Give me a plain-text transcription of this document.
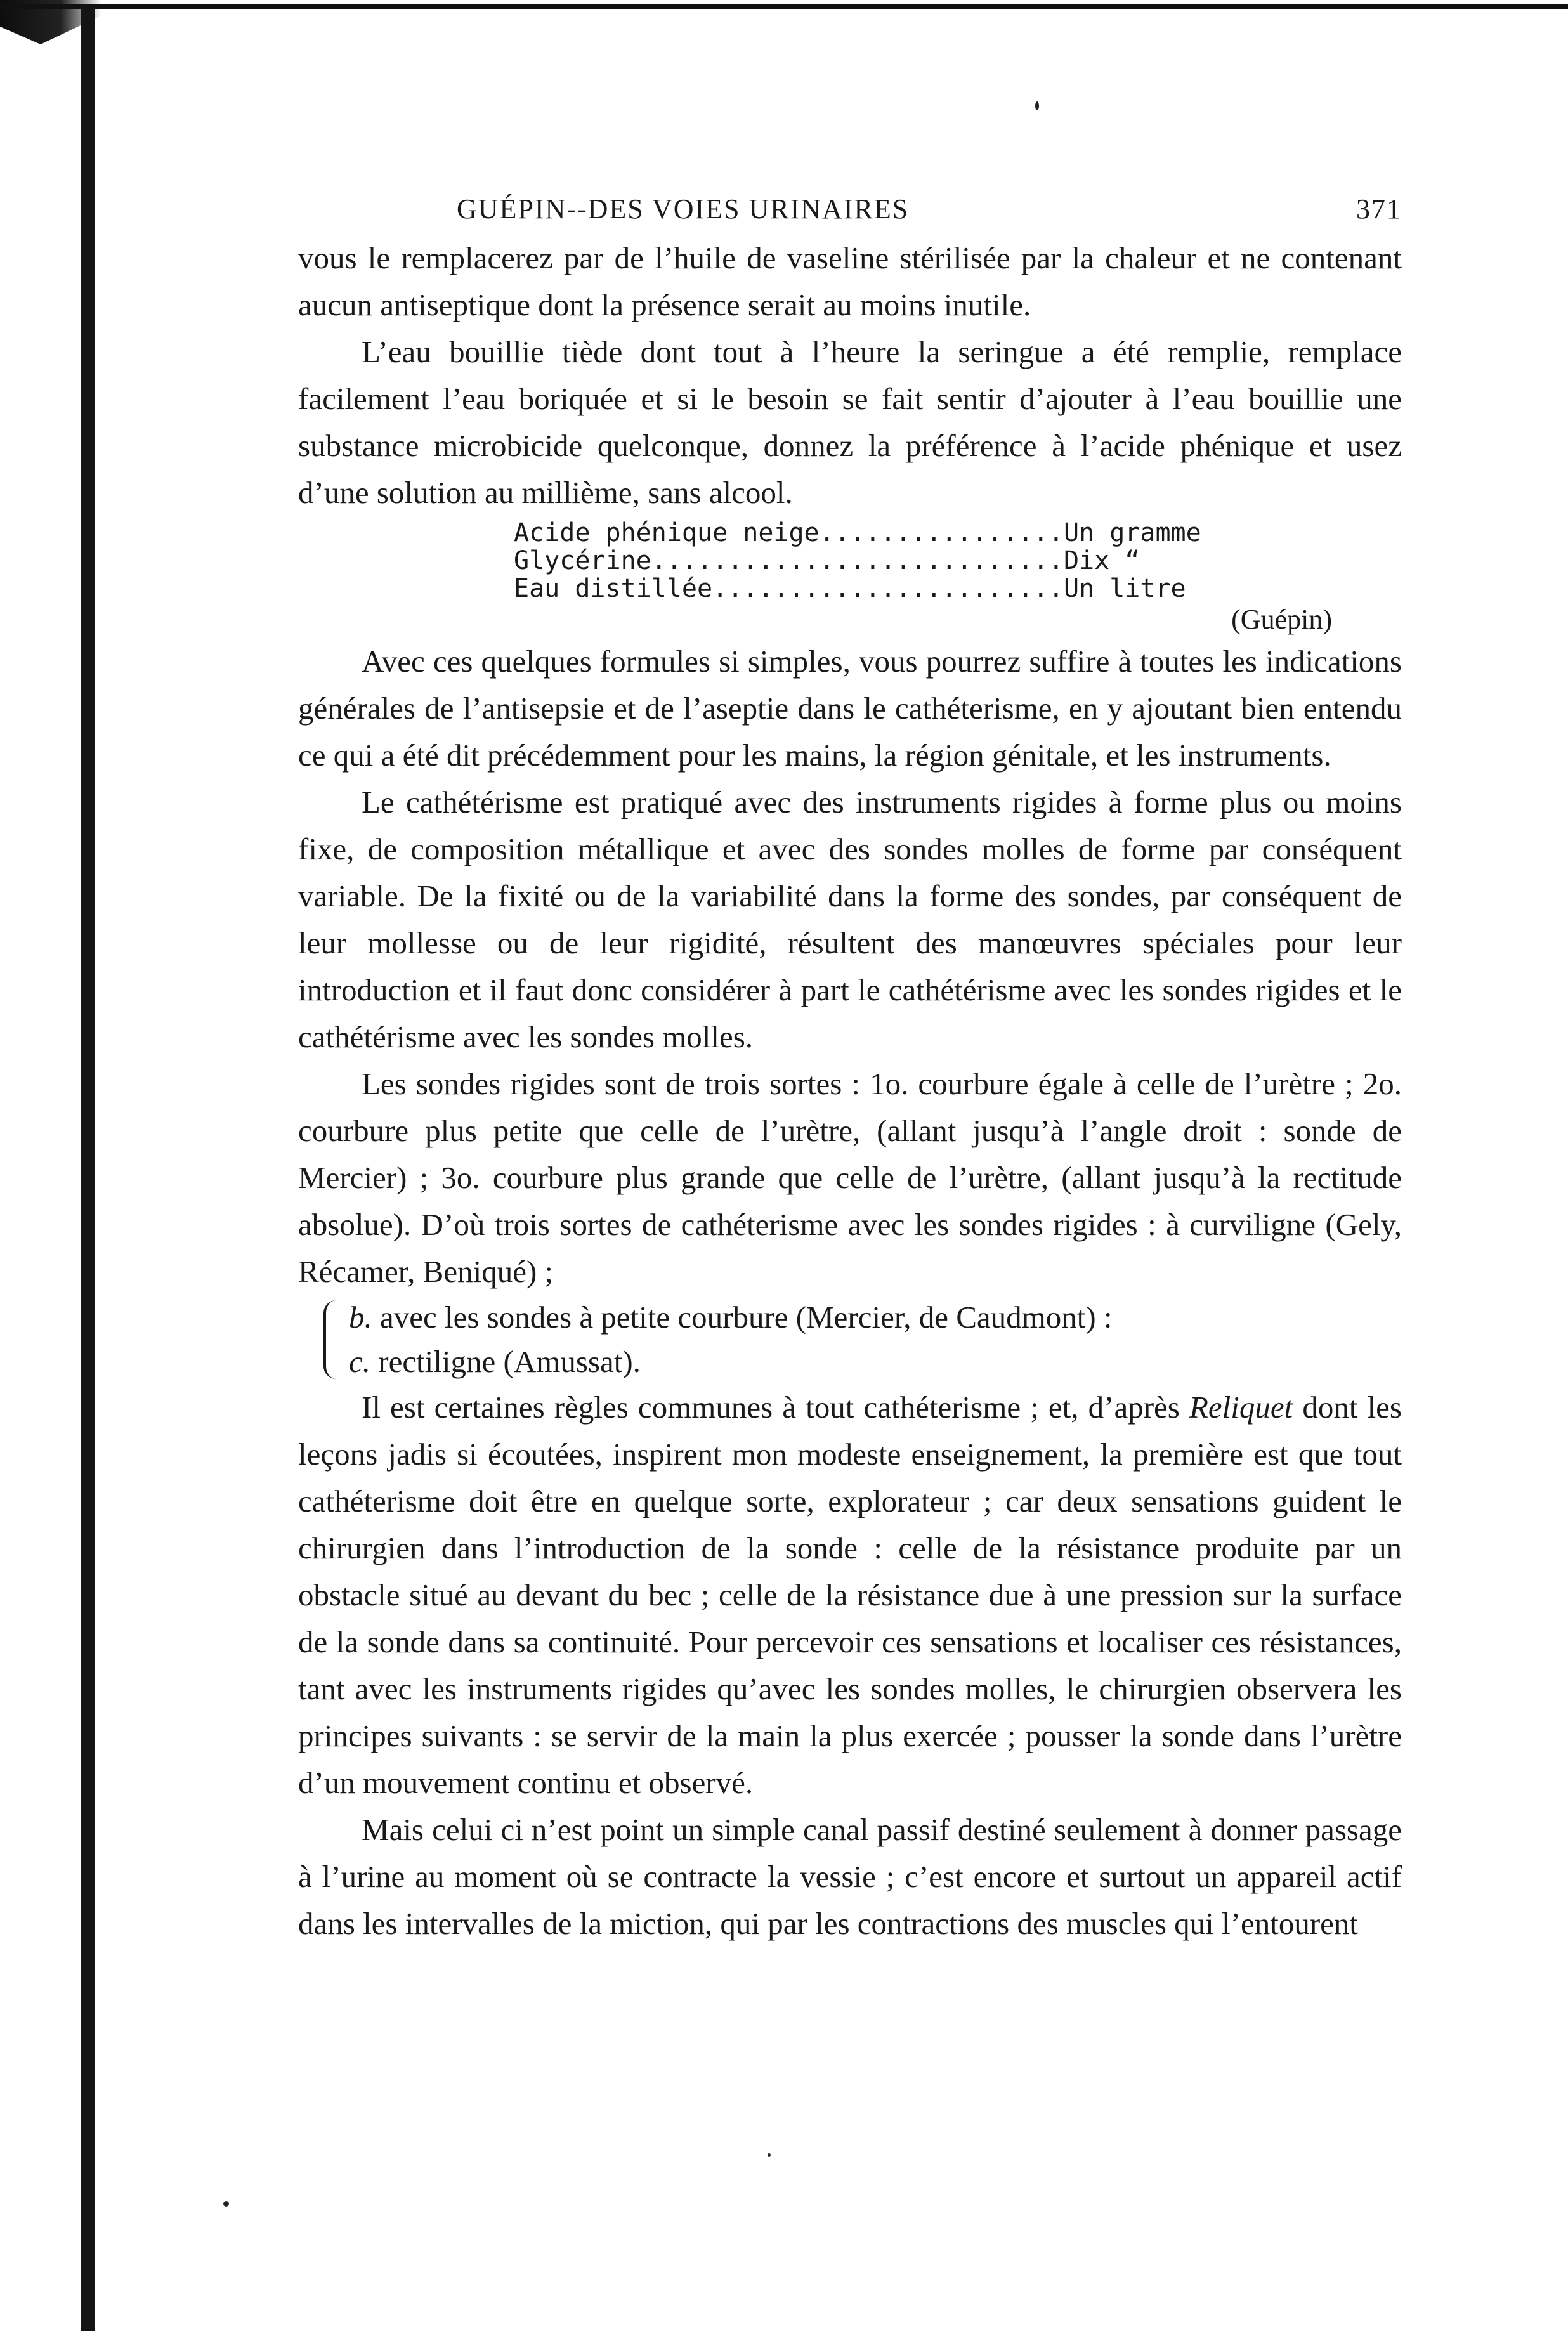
GUÉPIN--DES VOIES URINAIRES	371

vous le remplacerez par de l’huile de vaseline stérilisée par la chaleur et ne contenant aucun antiseptique dont la présence serait au moins inutile.

L’eau bouillie tiède dont tout à l’heure la seringue a été remplie, remplace facilement l’eau boriquée et si le besoin se fait sentir d’ajouter à l’eau bouillie une substance microbicide quelconque, donnez la préférence à l’acide phénique et usez d’une solution au millième, sans alcool.

Acide phénique neige ................ Un gramme
Glycérine ........................... Dix “
Eau distillée ....................... Un litre
(Guépin)

Avec ces quelques formules si simples, vous pourrez suffire à toutes les indications générales de l’antisepsie et de l’aseptie dans le cathéterisme, en y ajoutant bien entendu ce qui a été dit précédemment pour les mains, la région génitale, et les instruments.

Le cathétérisme est pratiqué avec des instruments rigides à forme plus ou moins fixe, de composition métallique et avec des sondes molles de forme par conséquent variable. De la fixité ou de la variabilité dans la forme des sondes, par conséquent de leur mollesse ou de leur rigidité, résultent des manœuvres spéciales pour leur introduction et il faut donc considérer à part le cathétérisme avec les sondes rigides et le cathétérisme avec les sondes molles.

Les sondes rigides sont de trois sortes : 1o. courbure égale à celle de l’urètre ; 2o. courbure plus petite que celle de l’urètre, (allant jusqu’à l’angle droit : sonde de Mercier) ; 3o. courbure plus grande que celle de l’urètre, (allant jusqu’à la rectitude absolue). D’où trois sortes de cathéterisme avec les sondes rigides : à curviligne (Gely, Récamer, Beniqué) ;

b. avec les sondes à petite courbure (Mercier, de Caudmont) :
c. rectiligne (Amussat).

Il est certaines règles communes à tout cathéterisme ; et, d’après Reliquet dont les leçons jadis si écoutées, inspirent mon modeste enseignement, la première est que tout cathéterisme doit être en quelque sorte, explorateur ; car deux sensations guident le chirurgien dans l’introduction de la sonde : celle de la résistance produite par un obstacle situé au devant du bec ; celle de la résistance due à une pression sur la surface de la sonde dans sa continuité. Pour percevoir ces sensations et localiser ces résistances, tant avec les instruments rigides qu’avec les sondes molles, le chirurgien observera les principes suivants : se servir de la main la plus exercée ; pousser la sonde dans l’urètre d’un mouvement continu et observé.

Mais celui ci n’est point un simple canal passif destiné seulement à donner passage à l’urine au moment où se contracte la vessie ; c’est encore et surtout un appareil actif dans les intervalles de la miction, qui par les contractions des muscles qui l’entourent
